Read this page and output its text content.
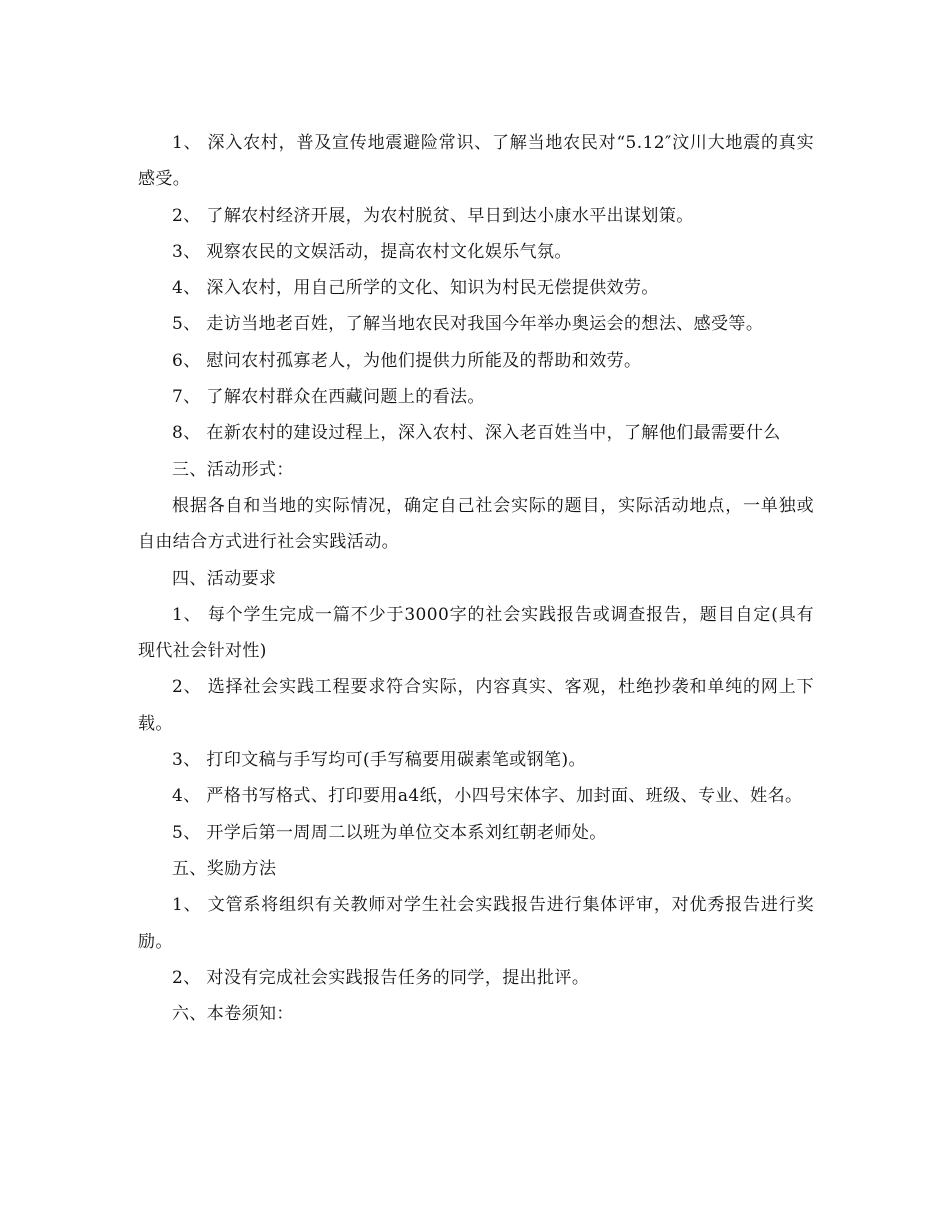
1、 深入农村，普及宣传地震避险常识、了解当地农民对“5.12″汶川大地震的真实感受。

2、 了解农村经济开展，为农村脱贫、早日到达小康水平出谋划策。

3、 观察农民的文娱活动，提高农村文化娱乐气氛。

4、 深入农村，用自己所学的文化、知识为村民无偿提供效劳。

5、 走访当地老百姓，了解当地农民对我国今年举办奥运会的想法、感受等。

6、 慰问农村孤寡老人，为他们提供力所能及的帮助和效劳。

7、 了解农村群众在西藏问题上的看法。

8、 在新农村的建设过程上，深入农村、深入老百姓当中，了解他们最需要什么

三、活动形式：

根据各自和当地的实际情况，确定自己社会实际的题目，实际活动地点，一单独或自由结合方式进行社会实践活动。

四、活动要求

1、 每个学生完成一篇不少于3000字的社会实践报告或调查报告，题目自定(具有现代社会针对性)

2、 选择社会实践工程要求符合实际，内容真实、客观，杜绝抄袭和单纯的网上下载。

3、 打印文稿与手写均可(手写稿要用碳素笔或钢笔)。

4、 严格书写格式、打印要用a4纸，小四号宋体字、加封面、班级、专业、姓名。

5、 开学后第一周周二以班为单位交本系刘红朝老师处。

五、奖励方法

1、 文管系将组织有关教师对学生社会实践报告进行集体评审，对优秀报告进行奖励。

2、 对没有完成社会实践报告任务的同学，提出批评。

六、本卷须知：
